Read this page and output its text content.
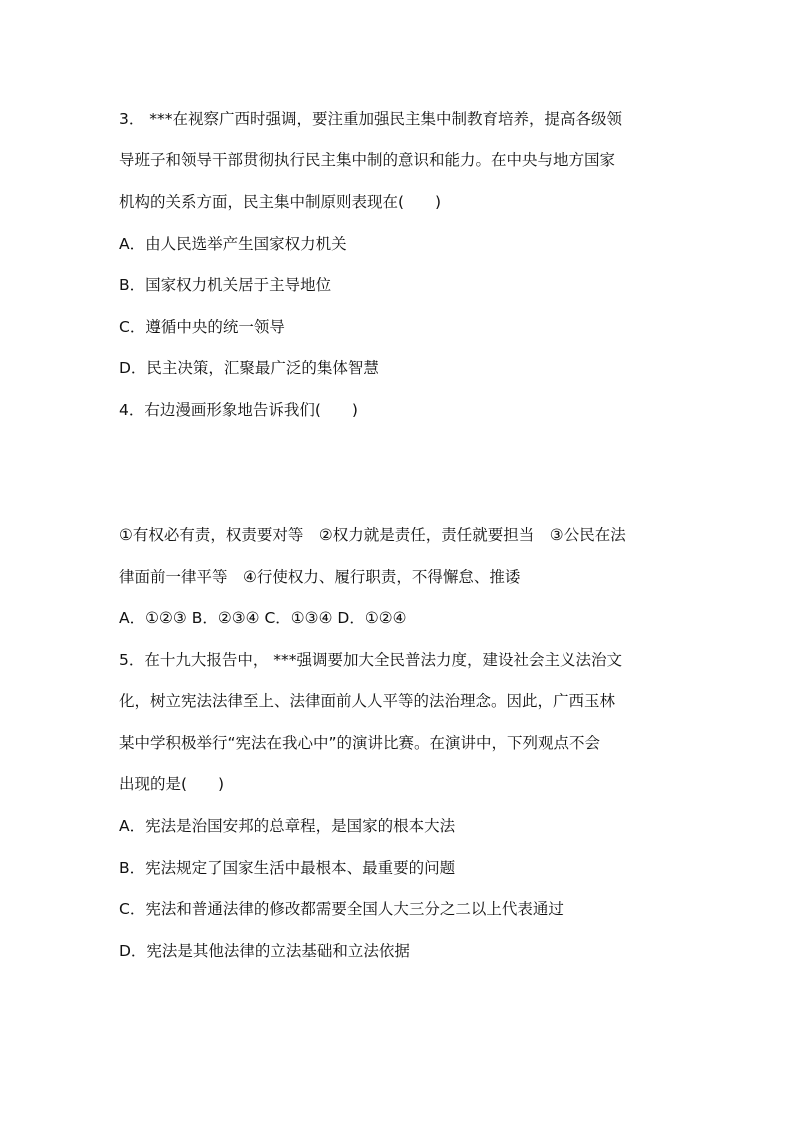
3． ***在视察广西时强调，要注重加强民主集中制教育培养，提高各级领
导班子和领导干部贯彻执行民主集中制的意识和能力。在中央与地方国家
机构的关系方面，民主集中制原则表现在(　　)
A．由人民选举产生国家权力机关
B．国家权力机关居于主导地位
C．遵循中央的统一领导
D．民主决策，汇聚最广泛的集体智慧
4．右边漫画形象地告诉我们(　　)
①有权必有责，权责要对等　②权力就是责任，责任就要担当　③公民在法
律面前一律平等　④行使权力、履行职责，不得懈怠、推诿
A．①②③ B．②③④ C．①③④ D．①②④
5．在十九大报告中， ***强调要加大全民普法力度，建设社会主义法治文
化，树立宪法法律至上、法律面前人人平等的法治理念。因此，广西玉林
某中学积极举行“宪法在我心中”的演讲比赛。在演讲中，下列观点不会
出现的是(　　)
A．宪法是治国安邦的总章程，是国家的根本大法
B．宪法规定了国家生活中最根本、最重要的问题
C．宪法和普通法律的修改都需要全国人大三分之二以上代表通过
D．宪法是其他法律的立法基础和立法依据
